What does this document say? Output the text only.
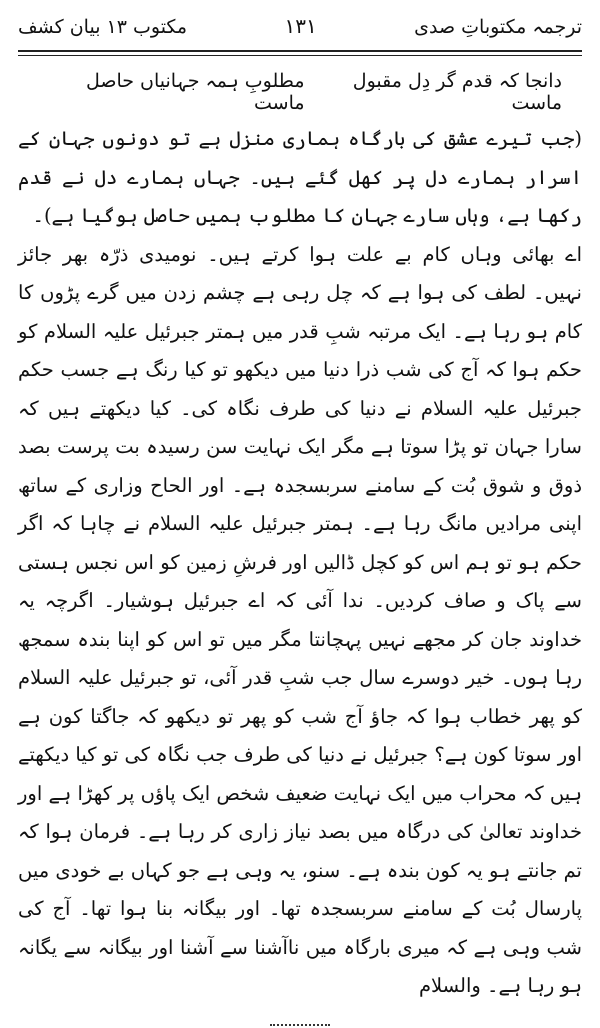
ترجمہ مکتوباتِ صدی
١٣١
مکتوب ۱۳ بیان کشف
دانجا کہ قدم گر دِل مقبول ماست
مطلوبِ ہمہ جہانیاں حاصل ماست

(جب تیرے عشق کی بارگاہ ہماری منزل ہے تو دونوں جہان کے اسرار ہمارے دل پر کھل گئے ہیں۔ جہاں ہمارے دل نے قدم رکھا ہے، وہاں سارے جہان کا مطلوب ہمیں حاصل ہوگیا ہے)۔

اے بھائی وہاں کام بے علت ہوا کرتے ہیں۔ نومیدی ذرّہ بھر جائز نہیں۔ لطف کی ہوا ہے کہ چل رہی ہے چشم زدن میں گرے پڑوں کا کام ہو رہا ہے۔ ایک مرتبہ شبِ قدر میں ہمتر جبرئیل علیہ السلام کو حکم ہوا کہ آج کی شب ذرا دنیا میں دیکھو تو کیا رنگ ہے جسب حکم جبرئیل علیہ السلام نے دنیا کی طرف نگاہ کی۔ کیا دیکھتے ہیں کہ سارا جہان تو پڑا سوتا ہے مگر ایک نہایت سن رسیدہ بت پرست بصد ذوق و شوق بُت کے سامنے سربسجدہ ہے۔ اور الحاح وزاری کے ساتھ اپنی مرادیں مانگ رہا ہے۔ ہمتر جبرئیل علیہ السلام نے چاہا کہ اگر حکم ہو تو ہم اس کو کچل ڈالیں اور فرشِ زمین کو اس نجس ہستی سے پاک و صاف کردیں۔ ندا آئی کہ اے جبرئیل ہوشیار۔ اگرچہ یہ خداوند جان کر مجھے نہیں پہچانتا مگر میں تو اس کو اپنا بندہ سمجھ رہا ہوں۔ خیر دوسرے سال جب شبِ قدر آئی، تو جبرئیل علیہ السلام کو پھر خطاب ہوا کہ جاؤ آج شب کو پھر تو دیکھو کہ جاگتا کون ہے اور سوتا کون ہے؟ جبرئیل نے دنیا کی طرف جب نگاہ کی تو کیا دیکھتے ہیں کہ محراب میں ایک نہایت ضعیف شخص ایک پاؤں پر کھڑا ہے اور خداوند تعالیٰ کی درگاہ میں بصد نیاز زاری کر رہا ہے۔ فرمان ہوا کہ تم جانتے ہو یہ کون بندہ ہے۔ سنو، یہ وہی ہے جو کہاں بے خودی میں پارسال بُت کے سامنے سربسجدہ تھا۔ اور بیگانہ بنا ہوا تھا۔ آج کی شب وہی ہے کہ میری بارگاہ میں ناآشنا سے آشنا اور بیگانہ سے یگانہ ہو رہا ہے۔ والسلام
